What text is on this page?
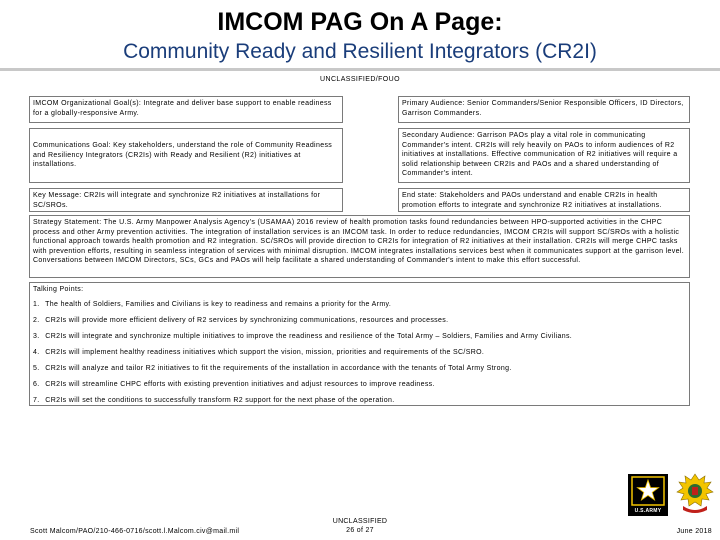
IMCOM PAG On A Page:
Community Ready and Resilient Integrators (CR2I)
UNCLASSIFIED/FOUO
IMCOM Organizational Goal(s): Integrate and deliver base support to enable readiness for a globally-responsive Army.
Communications Goal: Key stakeholders, understand the role of Community Readiness and Resiliency Integrators (CR2Is) with Ready and Resilient (R2) initiatives at installations.
Key Message: CR2Is will integrate and synchronize R2 initiatives at installations for SC/SROs.
Primary Audience: Senior Commanders/Senior Responsible Officers, ID Directors, Garrison Commanders.
Secondary Audience: Garrison PAOs play a vital role in communicating Commander's intent. CR2Is will rely heavily on PAOs to inform audiences of R2 initiatives at installations. Effective communication of R2 initiatives will require a solid relationship between CR2Is and PAOs and a shared understanding of Commander's intent.
End state: Stakeholders and PAOs understand and enable CR2Is in health promotion efforts to integrate and synchronize R2 initiatives at installations.
Strategy Statement: The U.S. Army Manpower Analysis Agency's (USAMAA) 2016 review of health promotion tasks found redundancies between HPO-supported activities in the CHPC process and other Army prevention activities. The integration of installation services is an IMCOM task. In order to reduce redundancies, IMCOM CR2Is will support SC/SROs with a holistic functional approach towards health promotion and R2 integration. SC/SROs will provide direction to CR2Is for integration of R2 initiatives at their installation. CR2Is will merge CHPC tasks with prevention efforts, resulting in seamless integration of services with minimal disruption. IMCOM integrates installations services best when it communicates support at the garrison level. Conversations between IMCOM Directors, SCs, GCs and PAOs will help facilitate a shared understanding of Commander's intent to make this effort successful.
Talking Points:
1. The health of Soldiers, Families and Civilians is key to readiness and remains a priority for the Army.
2. CR2Is will provide more efficient delivery of R2 services by synchronizing communications, resources and processes.
3. CR2Is will integrate and synchronize multiple initiatives to improve the readiness and resilience of the Total Army – Soldiers, Families and Army Civilians.
4. CR2Is will implement healthy readiness initiatives which support the vision, mission, priorities and requirements of the SC/SRO.
5. CR2Is will analyze and tailor R2 initiatives to fit the requirements of the installation in accordance with the tenants of Total Army Strong.
6. CR2Is will streamline CHPC efforts with existing prevention initiatives and adjust resources to improve readiness.
7. CR2Is will set the conditions to successfully transform R2 support for the next phase of the operation.
U.S.ARMY
Scott Malcom/PAO/210-466-0716/scott.l.Malcom.civ@mail.mil
UNCLASSIFIED
26 of 27	June 2018
